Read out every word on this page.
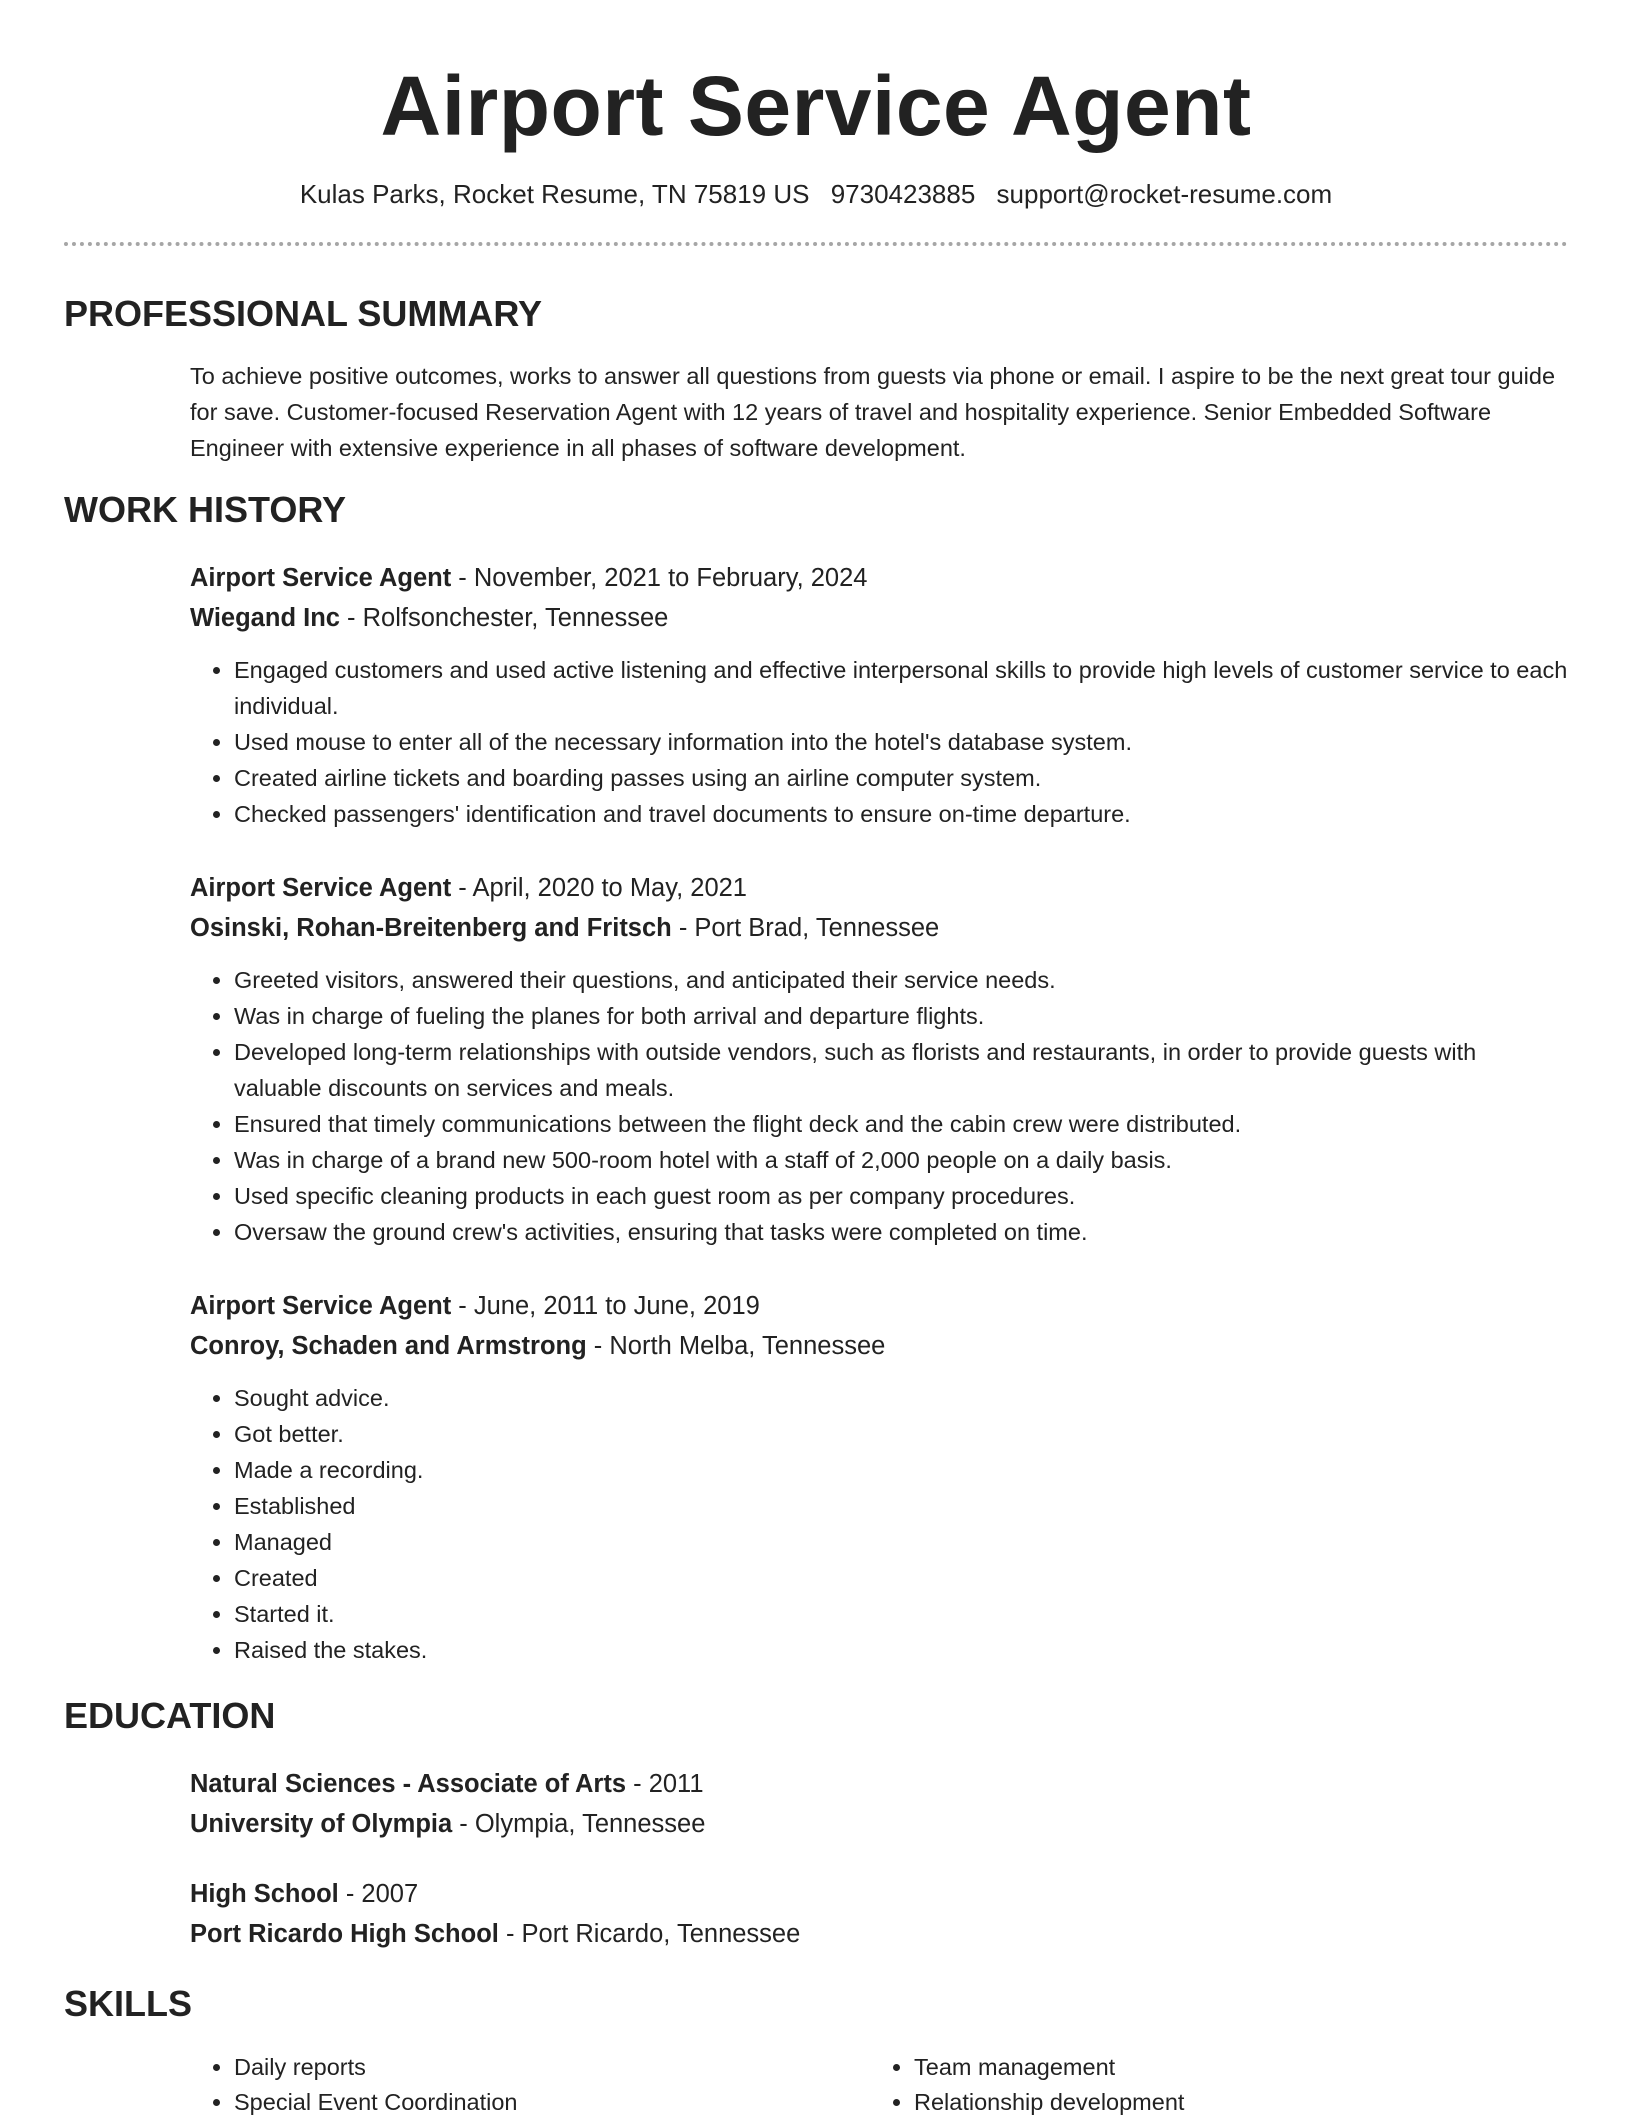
Airport Service Agent
Kulas Parks, Rocket Resume, TN 75819 US 9730423885 support@rocket-resume.com
PROFESSIONAL SUMMARY

To achieve positive outcomes, works to answer all questions from guests via phone or email. I aspire to be the next great tour guide for save. Customer-focused Reservation Agent with 12 years of travel and hospitality experience. Senior Embedded Software Engineer with extensive experience in all phases of software development.

WORK HISTORY
Airport Service Agent - November, 2021 to February, 2024
Wiegand Inc - Rolfsonchester, Tennessee
• Engaged customers and used active listening and effective interpersonal skills to provide high levels of customer service to each individual.
• Used mouse to enter all of the necessary information into the hotel's database system.
• Created airline tickets and boarding passes using an airline computer system.
• Checked passengers' identification and travel documents to ensure on-time departure.
Airport Service Agent - April, 2020 to May, 2021
Osinski, Rohan-Breitenberg and Fritsch - Port Brad, Tennessee
• Greeted visitors, answered their questions, and anticipated their service needs.
• Was in charge of fueling the planes for both arrival and departure flights.
• Developed long-term relationships with outside vendors, such as florists and restaurants, in order to provide guests with valuable discounts on services and meals.
• Ensured that timely communications between the flight deck and the cabin crew were distributed.
• Was in charge of a brand new 500-room hotel with a staff of 2,000 people on a daily basis.
• Used specific cleaning products in each guest room as per company procedures.
• Oversaw the ground crew's activities, ensuring that tasks were completed on time.
Airport Service Agent - June, 2011 to June, 2019
Conroy, Schaden and Armstrong - North Melba, Tennessee
• Sought advice.
• Got better.
• Made a recording.
• Established
• Managed
• Created
• Started it.
• Raised the stakes.
EDUCATION
Natural Sciences - Associate of Arts - 2011
University of Olympia - Olympia, Tennessee
High School - 2007
Port Ricardo High School - Port Ricardo, Tennessee
SKILLS
• Daily reports
• Special Event Coordination
• Team management
• Relationship development
